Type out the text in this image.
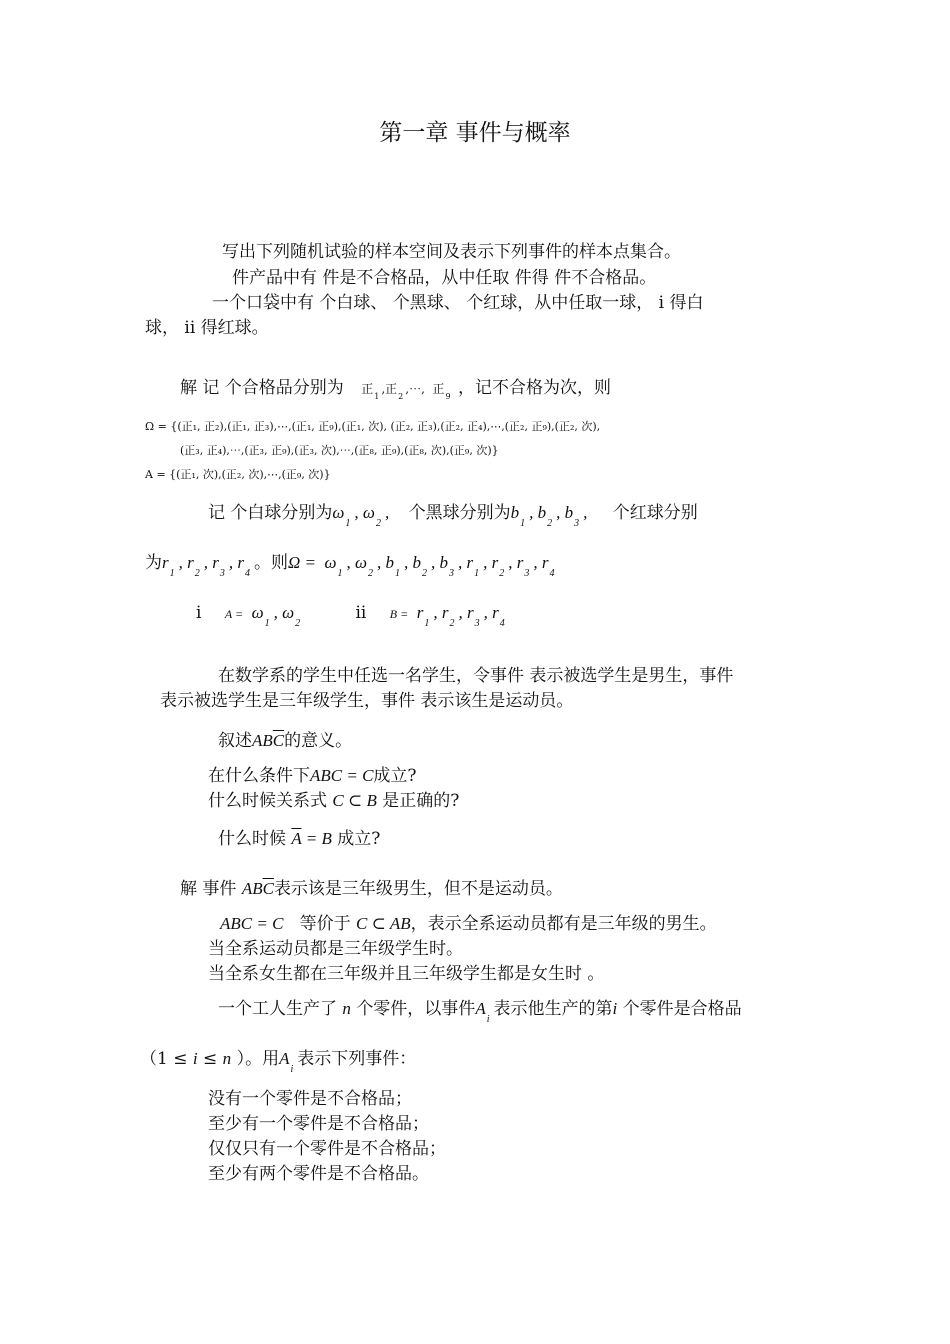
第一章 事件与概率
写出下列随机试验的样本空间及表示下列事件的样本点集合。
件产品中有 件是不合格品，从中任取 件得 件不合格品。
一个口袋中有 个白球、 个黑球、 个红球，从中任取一球， i 得白
球， ii 得红球。
解 记 个合格品分别为 正$_1$,正$_2$,⋯,  正$_9$ ，记不合格为次，则
Ω = {(正₁, 正₂),(正₁, 正₃),⋯,(正₁, 正₉),(正₁, 次), (正₂, 正₃),(正₂, 正₄),⋯,(正₂, 正₉),(正₂, 次),
(正₃, 正₄),⋯,(正₃, 正₉),(正₃, 次),⋯,(正₈, 正₉),(正₈, 次),(正₉, 次)}
A = {(正₁, 次),(正₂, 次),⋯,(正₉, 次)}
记 个白球分别为$\omega_1$, $\omega_2$, 个黑球分别为$b_1$, $b_2$, $b_3$, 个红球分别
为$r_1$, $r_2$, $r_3$, $r_4$。则$\Omega = \omega_1$, $\omega_2$, $b_1$, $b_2$, $b_3$, $r_1$, $r_2$, $r_3$, $r_4$
i $A = \omega_1$, $\omega_2$ ii $B = r_1$, $r_2$, $r_3$, $r_4$
在数学系的学生中任选一名学生，令事件 表示被选学生是男生，事件
表示被选学生是三年级学生，事件 表示该生是运动员。
叙述$AB\overline{C}$的意义。
在什么条件下ABC = C成立?
什么时候关系式 C ⊂ B 是正确的?
什么时候 $\overline{A} = B$ 成立?
解 事件 $AB\overline{C}$表示该是三年级男生，但不是运动员。
ABC = C 等价于 C ⊂ AB，表示全系运动员都有是三年级的男生。
当全系运动员都是三年级学生时。
当全系女生都在三年级并且三年级学生都是女生时 。
一个工人生产了 n 个零件，以事件$A_i$表示他生产的第i 个零件是合格品
（1 ≤ i ≤ n ）。用$A_i$表示下列事件：
没有一个零件是不合格品；
至少有一个零件是不合格品；
仅仅只有一个零件是不合格品；
至少有两个零件是不合格品。
